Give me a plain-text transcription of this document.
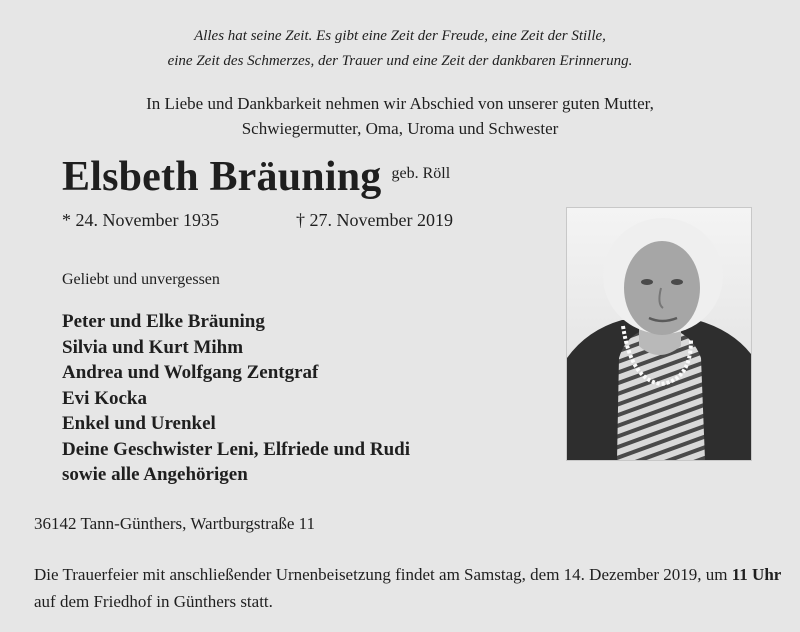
Alles hat seine Zeit. Es gibt eine Zeit der Freude, eine Zeit der Stille,
eine Zeit des Schmerzes, der Trauer und eine Zeit der dankbaren Erinnerung.
In Liebe und Dankbarkeit nehmen wir Abschied von unserer guten Mutter,
Schwiegermutter, Oma, Uroma und Schwester
Elsbeth Bräuning geb. Röll
* 24. November 1935	† 27. November 2019
Geliebt und unvergessen
Peter und Elke Bräuning
Silvia und Kurt Mihm
Andrea und Wolfgang Zentgraf
Evi Kocka
Enkel und Urenkel
Deine Geschwister Leni, Elfriede und Rudi
sowie alle Angehörigen
36142 Tann-Günthers, Wartburgstraße 11
Die Trauerfeier mit anschließender Urnenbeisetzung findet am Samstag, dem 14. Dezember 2019, um 11 Uhr auf dem Friedhof in Günthers statt.
